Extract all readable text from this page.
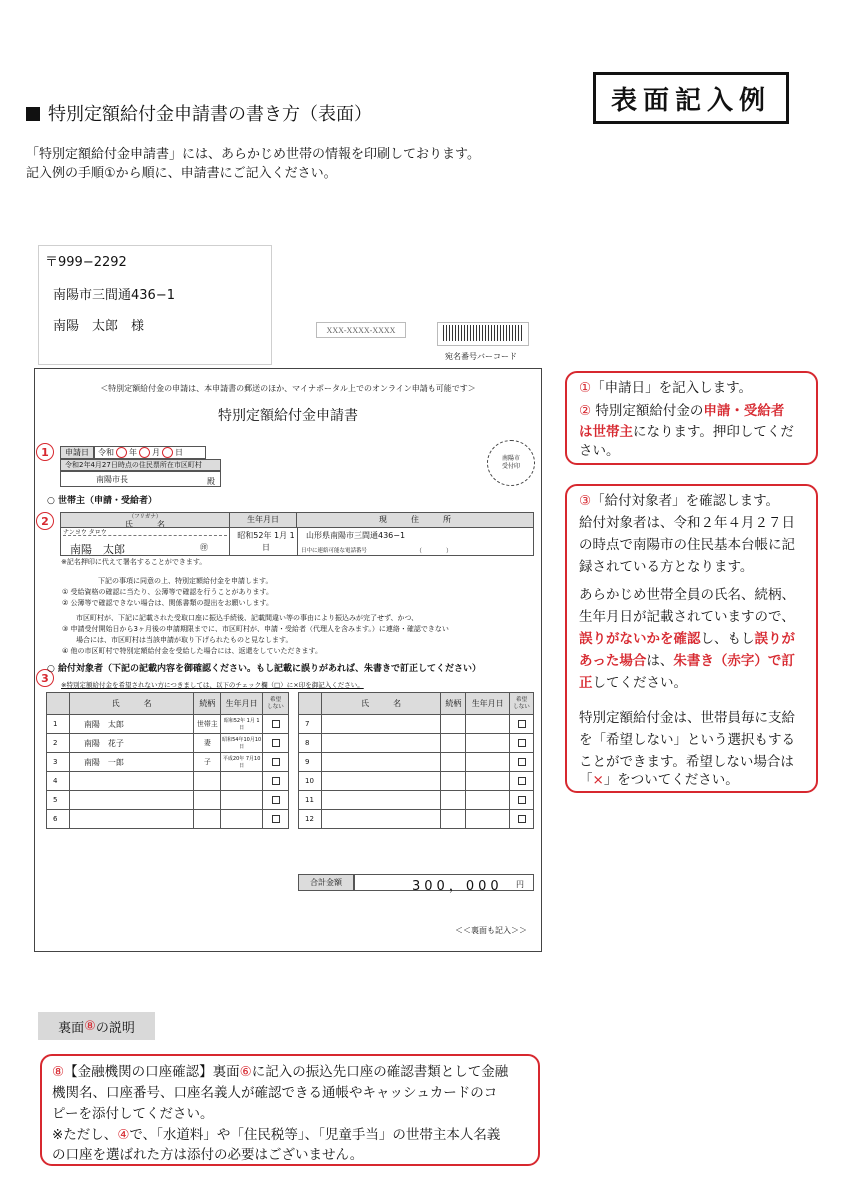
表面記入例
特別定額給付金申請書の書き方（表面）
「特別定額給付金申請書」には、あらかじめ世帯の情報を印刷しております。
記入例の手順①から順に、申請書にご記入ください。
〒999−2292
南陽市三間通436−1
南陽　太郎　様	XXX-XXXX-XXXX
宛名番号バーコード
＜特別定額給付金の申請は、本申請書の郵送のほか、マイナポータル上でのオンライン申請も可能です＞
特別定額給付金申請書
1
2
3
申請日	令和 年 月 日
令和2年4月27日時点の住民票所在市区町村
南陽市長	殿
南陽市
受付印
○ 世帯主（申請・受給者）
（フリガナ）
氏　　　名
生年月日	現　　　住　　　所
ナンヨウ タロウ
南陽　太郎	㊞
昭和52年 1月 1日
山形県南陽市三間通436−1
日中に連絡可能な電話番号	（　　　　）
※記名押印に代えて署名することができます。
下記の事項に同意の上、特別定額給付金を申請します。
① 受給資格の確認に当たり、公簿等で確認を行うことがあります。
② 公簿等で確認できない場合は、関係書類の提出をお願いします。
市区町村が、下記に記載された受取口座に振込手続後、記載間違い等の事由により振込みが完了せず、かつ、
③ 申請受付開始日から3ヶ月後の申請期限までに、市区町村が、申請・受給者（代理人を含みます。）に連絡・確認できない
場合には、市区町村は当該申請が取り下げられたものと見なします。
④ 他の市区町村で特別定額給付金を受給した場合には、返還をしていただきます。
○ 給付対象者（下記の記載内容を御確認ください。もし記載に誤りがあれば、朱書きで訂正してください）
※特別定額給付金を希望されない方につきましては、以下のチェック欄（□）に×印を御記入ください。
	氏　　　名	続柄	生年月日	希望
しない

1	南陽　太郎	世帯主	昭和52年 1月 1日	
2	南陽　花子	妻	昭和54年10月10日	
3	南陽　一郎	子	平成20年 7月10日	
4				
5				
6				
	氏　　　名	続柄	生年月日	希望
しない

7				
8				
9				
10				
11				
12				
合計金額	300，000 円
＜＜裏面も記入＞＞
①「申請日」を記入します。
② 特別定額給付金の申請・受給者
は世帯主になります。押印してくだ
さい。
③「給付対象者」を確認します。
給付対象者は、令和２年４月２７日
の時点で南陽市の住民基本台帳に記
録されている方となります。
あらかじめ世帯全員の氏名、続柄、
生年月日が記載されていますので、
誤りがないかを確認し、もし誤りが
あった場合は、朱書き（赤字）で訂
正してください。
特別定額給付金は、世帯員毎に支給
を「希望しない」という選択もする
ことができます。希望しない場合は
「×」をついてください。
裏面 ⑧ の説明
⑧【金融機関の口座確認】裏面⑥に記入の振込先口座の確認書類として金融
機関名、口座番号、口座名義人が確認できる通帳やキャッシュカードのコ
ピーを添付してください。
※ただし、④で、「水道料」や「住民税等」、「児童手当」の世帯主本人名義
の口座を選ばれた方は添付の必要はございません。
